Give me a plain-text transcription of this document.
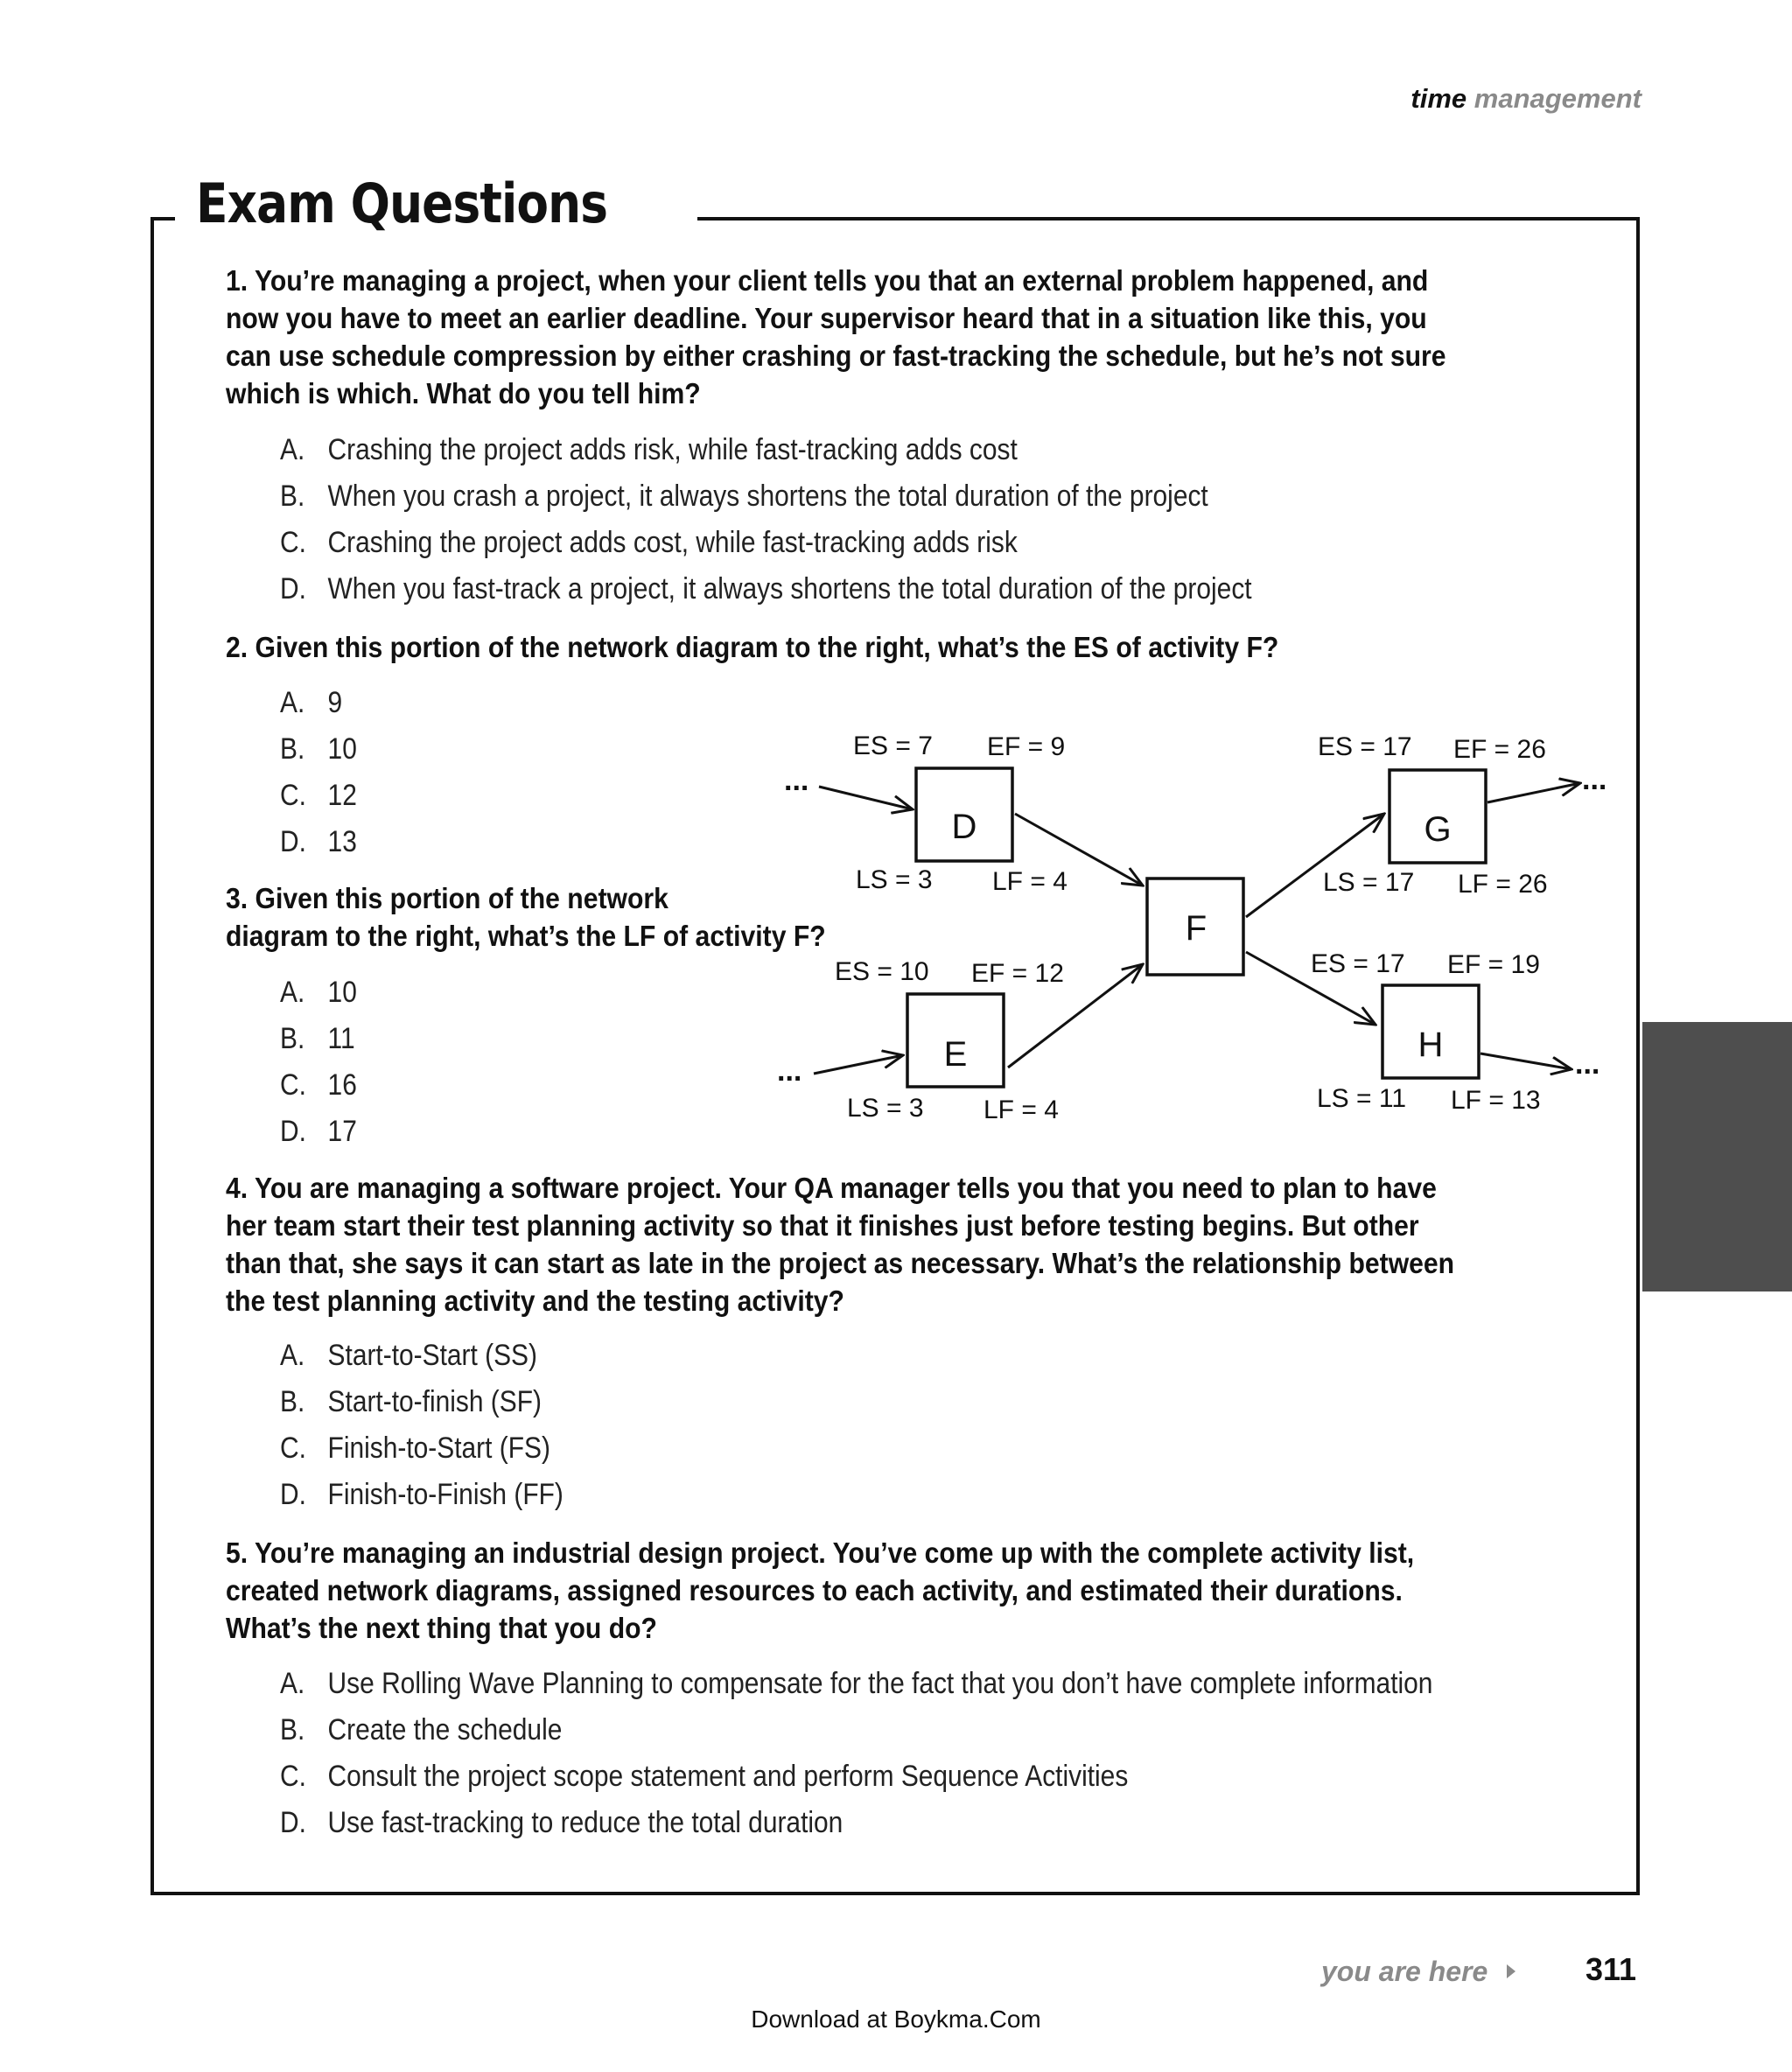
time management
Exam Questions
1. You’re managing a project, when your client tells you that an external problem happened, and
now you have to meet an earlier deadline. Your supervisor heard that in a situation like this, you
can use schedule compression by either crashing or fast-tracking the schedule, but he’s not sure
which is which. What do you tell him?
A. Crashing the project adds risk, while fast-tracking adds cost
B. When you crash a project, it always shortens the total duration of the project
C. Crashing the project adds cost, while fast-tracking adds risk
D. When you fast-track a project, it always shortens the total duration of the project
2. Given this portion of the network diagram to the right, what’s the ES of activity F?
A. 9
B. 10
C. 12
D. 13
3. Given this portion of the network
diagram to the right, what’s the LF of activity F?
A. 10
B. 11
C. 16
D. 17
4. You are managing a software project. Your QA manager tells you that you need to plan to have
her team start their test planning activity so that it finishes just before testing begins. But other
than that, she says it can start as late in the project as necessary. What’s the relationship between
the test planning activity and the testing activity?
A. Start-to-Start (SS)
B. Start-to-finish (SF)
C. Finish-to-Start (FS)
D. Finish-to-Finish (FF)
5. You’re managing an industrial design project. You’ve come up with the complete activity list,
created network diagrams, assigned resources to each activity, and estimated their durations.
What’s the next thing that you do?
A. Use Rolling Wave Planning to compensate for the fact that you don’t have complete information
B. Create the schedule
C. Consult the project scope statement and perform Sequence Activities
D. Use fast-tracking to reduce the total duration
...
...
...
...
D
ES = 7 EF = 9
LS = 3 LF = 4
E
ES = 10 EF = 12
LS = 3 LF = 4
F
G
ES = 17 EF = 26
LS = 17 LF = 26
H
ES = 17 EF = 19
LS = 11 LF = 13
you are here	311
Download at Boykma.Com
